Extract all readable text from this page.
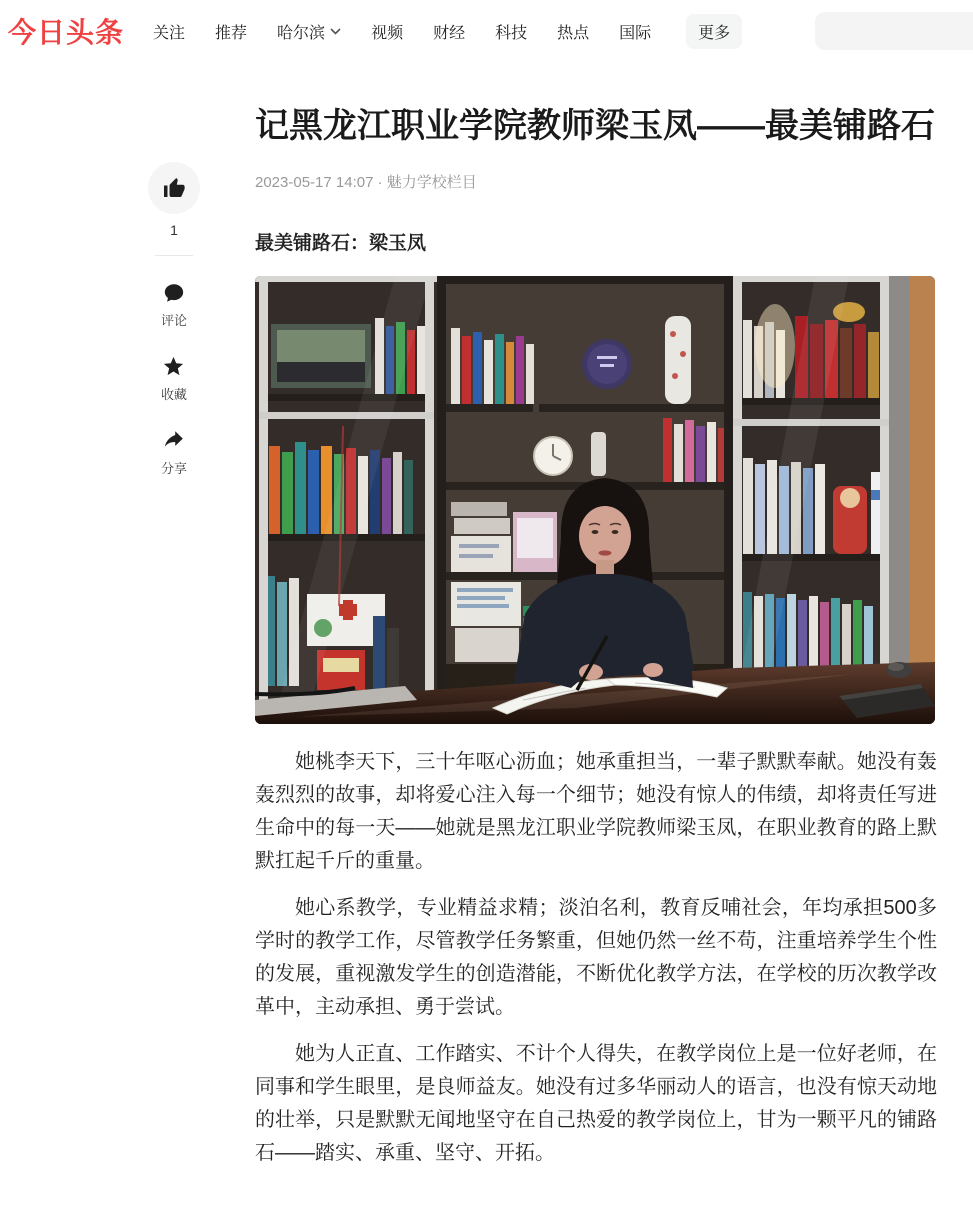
今日头条 关注 推荐 哈尔滨	视频 财经 科技 热点 国际	更多
1
评论
收藏
分享
记黑龙江职业学院教师梁玉凤——最美铺路石
2023-05-17 14:07 · 魅力学校栏目
最美铺路石：梁玉凤

她桃李天下，三十年呕心沥血；她承重担当，一辈子默默奉献。她没有轰轰烈烈的故事，却将爱心注入每一个细节；她没有惊人的伟绩，却将责任写进生命中的每一天——她就是黑龙江职业学院教师梁玉凤，在职业教育的路上默默扛起千斤的重量。

她心系教学，专业精益求精；淡泊名利，教育反哺社会，年均承担500多学时的教学工作，尽管教学任务繁重，但她仍然一丝不苟，注重培养学生个性的发展，重视激发学生的创造潜能，不断优化教学方法，在学校的历次教学改革中，主动承担、勇于尝试。

她为人正直、工作踏实、不计个人得失，在教学岗位上是一位好老师，在同事和学生眼里，是良师益友。她没有过多华丽动人的语言，也没有惊天动地的壮举，只是默默无闻地坚守在自己热爱的教学岗位上，甘为一颗平凡的铺路石——踏实、承重、坚守、开拓。
